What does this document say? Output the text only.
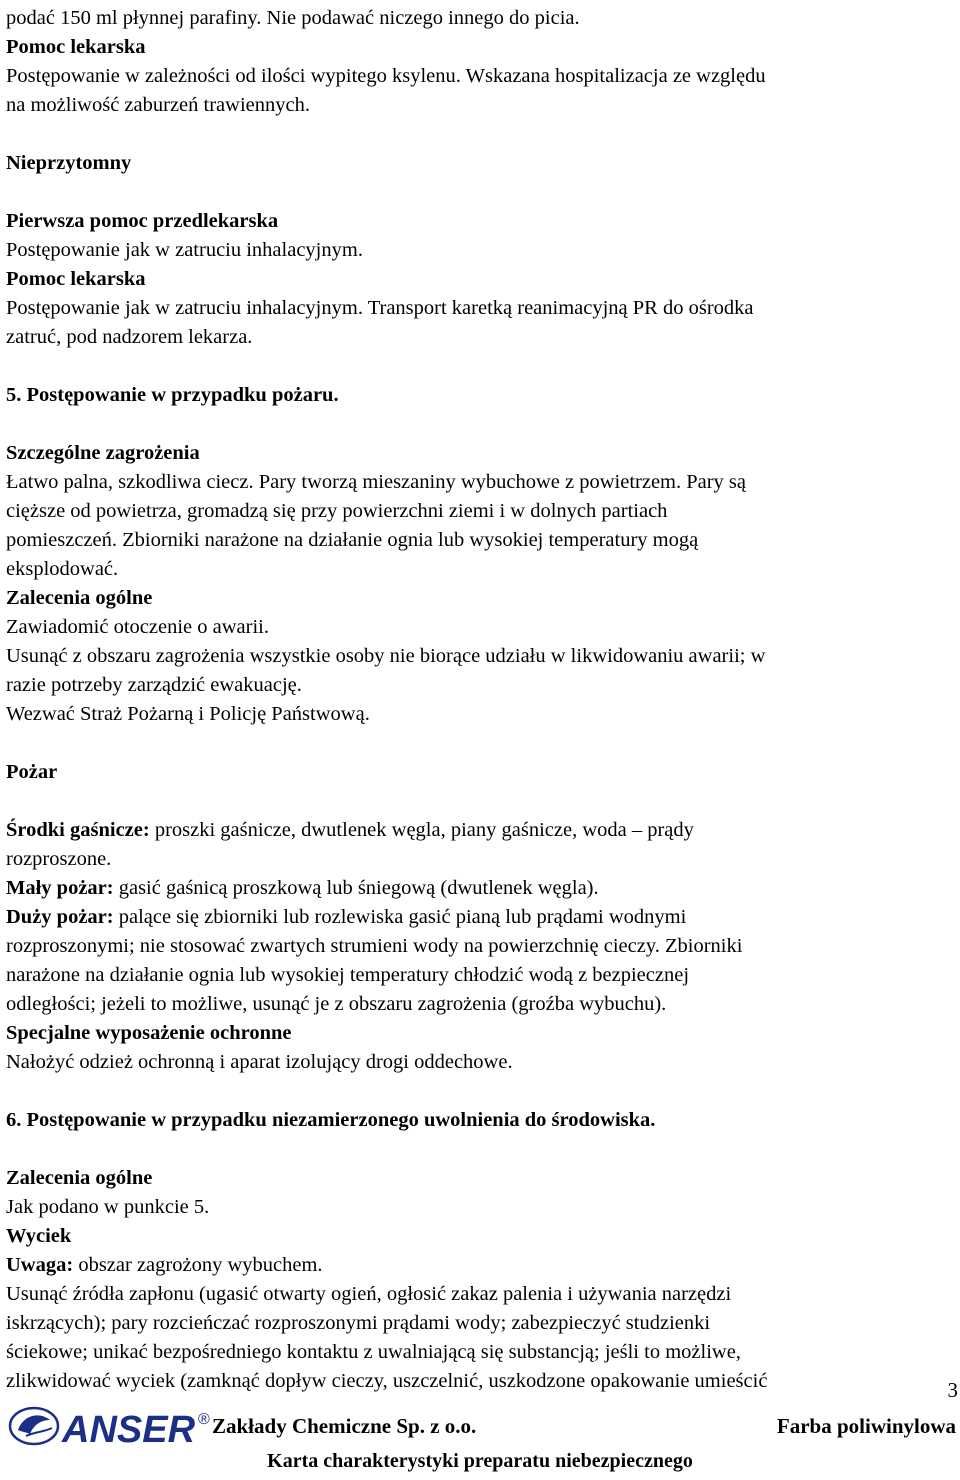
podać 150 ml płynnej parafiny. Nie podawać niczego innego do picia.

Pomoc lekarska

Postępowanie w zależności od ilości wypitego ksylenu. Wskazana hospitalizacja ze względu

na możliwość zaburzeń trawiennych.

Nieprzytomny

Pierwsza pomoc przedlekarska

Postępowanie jak w zatruciu inhalacyjnym.

Pomoc lekarska

Postępowanie jak w zatruciu inhalacyjnym. Transport karetką reanimacyjną PR do ośrodka

zatruć, pod nadzorem lekarza.

5. Postępowanie w przypadku pożaru.

Szczególne zagrożenia

Łatwo palna, szkodliwa ciecz. Pary tworzą mieszaniny wybuchowe z powietrzem. Pary są

cięższe od powietrza, gromadzą się przy powierzchni ziemi i w dolnych partiach

pomieszczeń. Zbiorniki narażone na działanie ognia lub wysokiej temperatury mogą

eksplodować.

Zalecenia ogólne

Zawiadomić otoczenie o awarii.

Usunąć z obszaru zagrożenia wszystkie osoby nie biorące udziału w likwidowaniu awarii; w

razie potrzeby zarządzić ewakuację.

Wezwać Straż Pożarną i Policję Państwową.

Pożar

Środki gaśnicze: proszki gaśnicze, dwutlenek węgla, piany gaśnicze, woda – prądy

rozproszone.

Mały pożar: gasić gaśnicą proszkową lub śniegową (dwutlenek węgla).

Duży pożar: palące się zbiorniki lub rozlewiska gasić pianą lub prądami wodnymi

rozproszonymi; nie stosować zwartych strumieni wody na powierzchnię cieczy. Zbiorniki

narażone na działanie ognia lub wysokiej temperatury chłodzić wodą z bezpiecznej

odległości; jeżeli to możliwe, usunąć je z obszaru zagrożenia (groźba wybuchu).

Specjalne wyposażenie ochronne

Nałożyć odzież ochronną i aparat izolujący drogi oddechowe.

6. Postępowanie w przypadku niezamierzonego uwolnienia do środowiska.

Zalecenia ogólne

Jak podano w punkcie 5.

Wyciek

Uwaga: obszar zagrożony wybuchem.

Usunąć źródła zapłonu (ugasić otwarty ogień, ogłosić zakaz palenia i używania narzędzi

iskrzących); pary rozcieńczać rozproszonymi prądami wody; zabezpieczyć studzienki

ściekowe; unikać bezpośredniego kontaktu z uwalniającą się substancją; jeśli to możliwe,

zlikwidować wyciek (zamknąć dopływ cieczy, uszczelnić, uszkodzone opakowanie umieścić	3
ANSER ® Zakłady Chemiczne Sp. z o.o.	Farba poliwinylowa
Karta charakterystyki preparatu niebezpiecznego
